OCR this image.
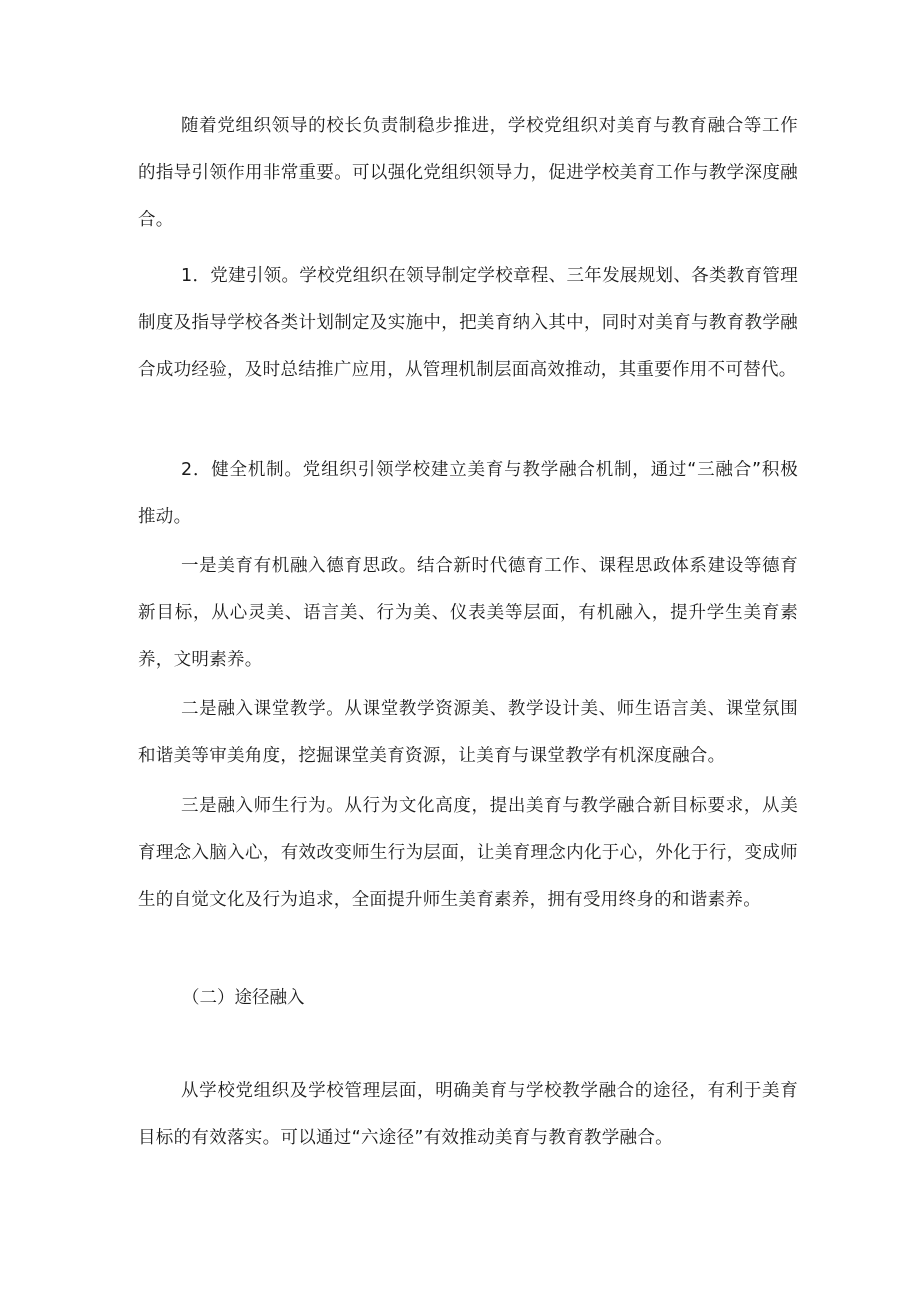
随着党组织领导的校长负责制稳步推进，学校党组织对美育与教育融合等工作的指导引领作用非常重要。可以强化党组织领导力，促进学校美育工作与教学深度融合。

1．党建引领。学校党组织在领导制定学校章程、三年发展规划、各类教育管理制度及指导学校各类计划制定及实施中，把美育纳入其中，同时对美育与教育教学融合成功经验，及时总结推广应用，从管理机制层面高效推动，其重要作用不可替代。

2．健全机制。党组织引领学校建立美育与教学融合机制，通过“三融合”积极推动。

一是美育有机融入德育思政。结合新时代德育工作、课程思政体系建设等德育新目标，从心灵美、语言美、行为美、仪表美等层面，有机融入，提升学生美育素养，文明素养。

二是融入课堂教学。从课堂教学资源美、教学设计美、师生语言美、课堂氛围和谐美等审美角度，挖掘课堂美育资源，让美育与课堂教学有机深度融合。

三是融入师生行为。从行为文化高度，提出美育与教学融合新目标要求，从美育理念入脑入心，有效改变师生行为层面，让美育理念内化于心，外化于行，变成师生的自觉文化及行为追求，全面提升师生美育素养，拥有受用终身的和谐素养。

（二）途径融入

从学校党组织及学校管理层面，明确美育与学校教学融合的途径，有利于美育目标的有效落实。可以通过“六途径”有效推动美育与教育教学融合。
